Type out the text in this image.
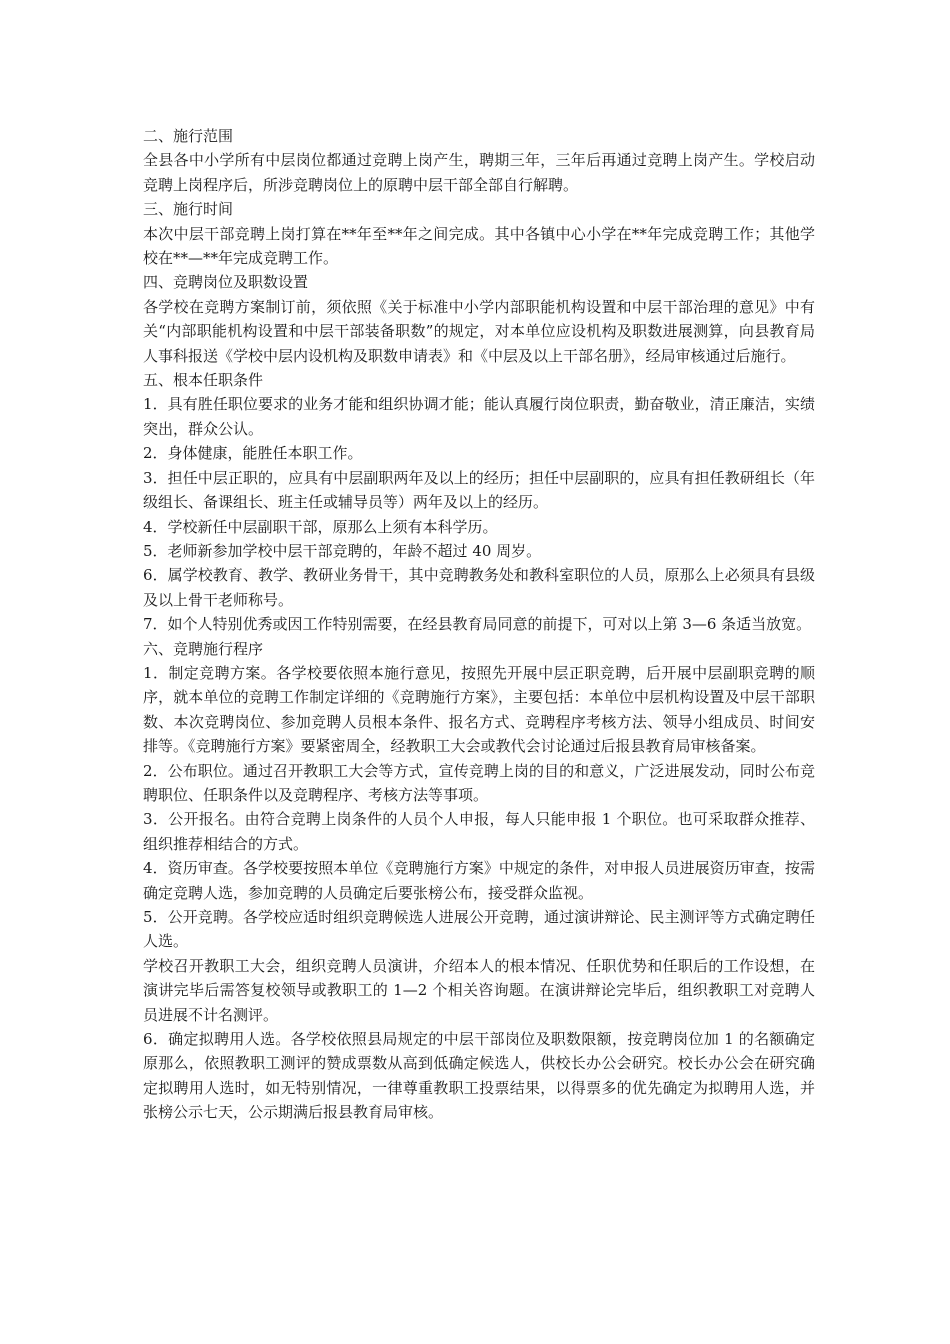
二、施行范围

全县各中小学所有中层岗位都通过竞聘上岗产生，聘期三年，三年后再通过竞聘上岗产生。学校启动竞聘上岗程序后，所涉竞聘岗位上的原聘中层干部全部自行解聘。

三、施行时间

本次中层干部竞聘上岗打算在**年至**年之间完成。其中各镇中心小学在**年完成竞聘工作；其他学校在**—**年完成竞聘工作。

四、竞聘岗位及职数设置

各学校在竞聘方案制订前，须依照《关于标准中小学内部职能机构设置和中层干部治理的意见》中有关“内部职能机构设置和中层干部装备职数”的规定，对本单位应设机构及职数进展测算，向县教育局人事科报送《学校中层内设机构及职数申请表》和《中层及以上干部名册》，经局审核通过后施行。

五、根本任职条件

1．具有胜任职位要求的业务才能和组织协调才能；能认真履行岗位职责，勤奋敬业，清正廉洁，实绩突出，群众公认。

2．身体健康，能胜任本职工作。

3．担任中层正职的，应具有中层副职两年及以上的经历；担任中层副职的，应具有担任教研组长（年级组长、备课组长、班主任或辅导员等）两年及以上的经历。

4．学校新任中层副职干部，原那么上须有本科学历。

5．老师新参加学校中层干部竞聘的，年龄不超过 40 周岁。

6．属学校教育、教学、教研业务骨干，其中竞聘教务处和教科室职位的人员，原那么上必须具有县级及以上骨干老师称号。

7．如个人特别优秀或因工作特别需要，在经县教育局同意的前提下，可对以上第 3—6 条适当放宽。

六、竞聘施行程序

1．制定竞聘方案。各学校要依照本施行意见，按照先开展中层正职竞聘，后开展中层副职竞聘的顺序，就本单位的竞聘工作制定详细的《竞聘施行方案》，主要包括：本单位中层机构设置及中层干部职数、本次竞聘岗位、参加竞聘人员根本条件、报名方式、竞聘程序考核方法、领导小组成员、时间安排等。《竞聘施行方案》要紧密周全，经教职工大会或教代会讨论通过后报县教育局审核备案。

2．公布职位。通过召开教职工大会等方式，宣传竞聘上岗的目的和意义，广泛进展发动，同时公布竞聘职位、任职条件以及竞聘程序、考核方法等事项。

3．公开报名。由符合竞聘上岗条件的人员个人申报，每人只能申报 1 个职位。也可采取群众推荐、组织推荐相结合的方式。

4．资历审查。各学校要按照本单位《竞聘施行方案》中规定的条件，对申报人员进展资历审查，按需确定竞聘人选，参加竞聘的人员确定后要张榜公布，接受群众监视。

5．公开竞聘。各学校应适时组织竞聘候选人进展公开竞聘，通过演讲辩论、民主测评等方式确定聘任人选。

学校召开教职工大会，组织竞聘人员演讲，介绍本人的根本情况、任职优势和任职后的工作设想，在演讲完毕后需答复校领导或教职工的 1—2 个相关咨询题。在演讲辩论完毕后，组织教职工对竞聘人员进展不计名测评。

6．确定拟聘用人选。各学校依照县局规定的中层干部岗位及职数限额，按竞聘岗位加 1 的名额确定原那么，依照教职工测评的赞成票数从高到低确定候选人，供校长办公会研究。校长办公会在研究确定拟聘用人选时，如无特别情况，一律尊重教职工投票结果，以得票多的优先确定为拟聘用人选，并张榜公示七天，公示期满后报县教育局审核。
